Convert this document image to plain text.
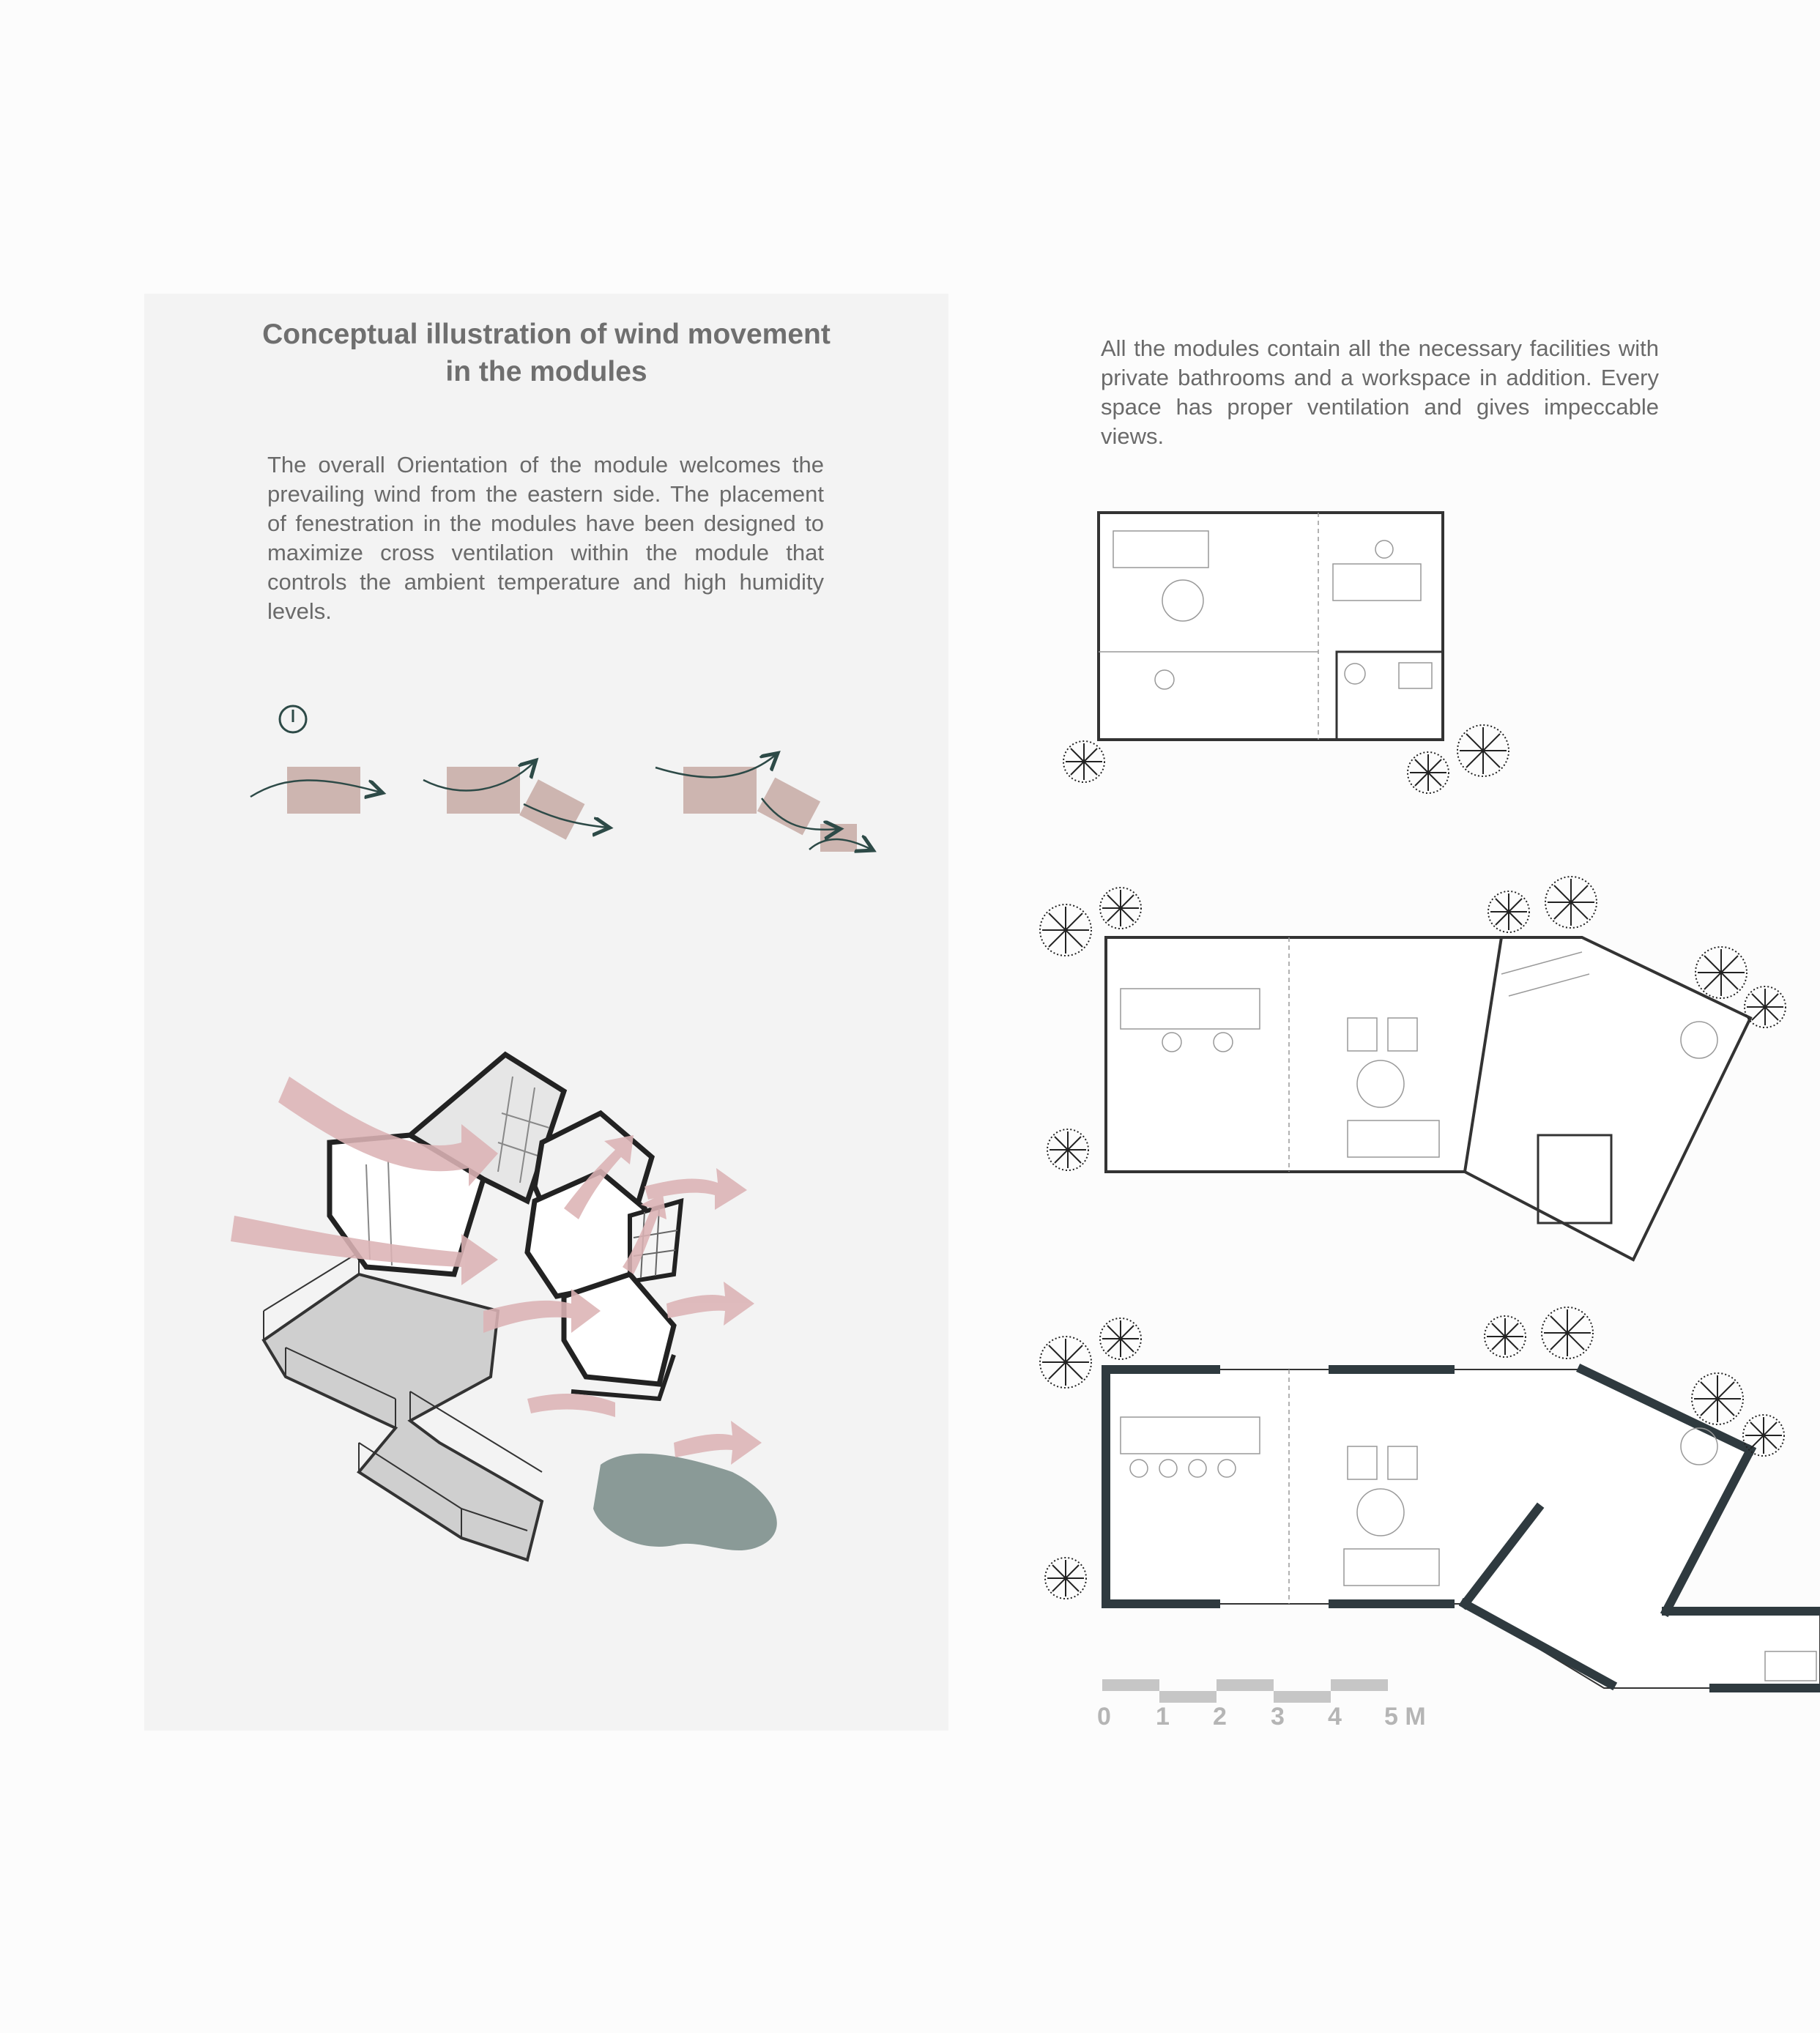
Conceptual illustration of wind movement
in the modules
The overall Orientation of the module welcomes the prevailing wind from the eastern side. The placement of fenestration in the modules have been designed to maximize cross ventilation within the module that controls the ambient temperature and high humidity levels.
All the modules contain all the necessary facilities with private bathrooms and a workspace in addition. Every space has proper ventilation and gives impeccable views.
0 1 2 3 4 5 M
